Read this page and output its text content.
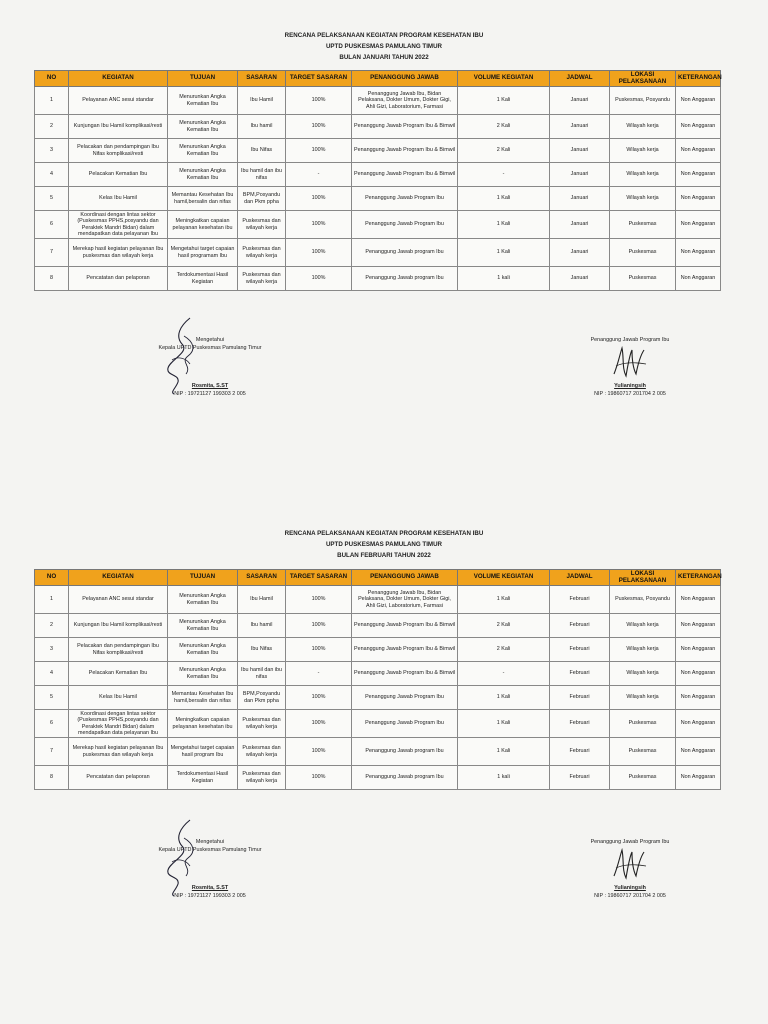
RENCANA PELAKSANAAN KEGIATAN PROGRAM KESEHATAN IBU
UPTD PUSKESMAS PAMULANG TIMUR
BULAN JANUARI TAHUN 2022
NO	KEGIATAN	TUJUAN	SASARAN	TARGET SASARAN	PENANGGUNG JAWAB	VOLUME KEGIATAN	JADWAL	LOKASI PELAKSANAAN	KETERANGAN
1	Pelayanan ANC sesui standar	Menurunkan Angka Kematian Ibu	Ibu Hamil	100%	Penanggung Jawab Ibu, Bidan Pelaksana, Dokter Umum, Dokter Gigi, Ahli Gizi, Laboratorium, Farmasi	1 Kali	Januari	Puskesmas, Posyandu	Non Anggaran
2	Kunjungan Ibu Hamil komplikasi/resti	Menurunkan Angka Kematian Ibu	Ibu hamil	100%	Penanggung Jawab Program Ibu & Bimwil	2 Kali	Januari	Wilayah kerja	Non Anggaran
3	Pelacakan dan pendampingan Ibu Nifas komplikasi/resti	Menurunkan Angka Kematian Ibu	Ibu Nifas	100%	Penanggung Jawab Program Ibu & Bimwil	2 Kali	Januari	Wilayah kerja	Non Anggaran
4	Pelacakan Kematian Ibu	Menurunkan Angka Kematian Ibu	Ibu hamil dan ibu nifas	-	Penanggung Jawab Program Ibu & Bimwil	-	Januari	Wilayah kerja	Non Anggaran
5	Kelas Ibu Hamil	Memantau Kesehatan Ibu hamil,bersalin dan nifas	BPM,Posyandu dan Pkm ppha	100%	Penanggung Jawab Program Ibu	1 Kali	Januari	Wilayah kerja	Non Anggaran
6	Koordinasi dengan lintas sektor (Puskesmas PPHS,posyandu dan Peraktek Mandri Bidan) dalam mendapatkan data pelayanan Ibu	Meningkatkan capaian pelayanan kesehatan ibu	Puskesmas dan wilayah kerja	100%	Penanggung Jawab Program Ibu	1 Kali	Januari	Puskesmas	Non Anggaran
7	Merekap hasil kegiatan pelayanan Ibu puskesmas dan wilayah kerja	Mengetahui target capaian hasil programam Ibu	Puskesmas dan wilayah kerja	100%	Penanggung Jawab program Ibu	1 Kali	Januari	Puskesmas	Non Anggaran
8	Pencatatan dan pelaporan	Terdokumentasi Hasil Kegiatan	Puskesmas dan wilayah kerja	100%	Penanggung Jawab program Ibu	1 kali	Januari	Puskesmas	Non Anggaran
Mengetahui
Kepala UPTD Puskesmas Pamulang Timur
Rosmita, S.ST
NIP : 19721127 199303 2 005
Penanggung Jawab Program Ibu
Yulianingsih
NIP : 19860717 201704 2 005
RENCANA PELAKSANAAN KEGIATAN PROGRAM KESEHATAN IBU
UPTD PUSKESMAS PAMULANG TIMUR
BULAN FEBRUARI TAHUN 2022
NO	KEGIATAN	TUJUAN	SASARAN	TARGET SASARAN	PENANGGUNG JAWAB	VOLUME KEGIATAN	JADWAL	LOKASI PELAKSANAAN	KETERANGAN
1	Pelayanan ANC sesui standar	Menurunkan Angka Kematian Ibu	Ibu Hamil	100%	Penanggung Jawab Ibu, Bidan Pelaksana, Dokter Umum, Dokter Gigi, Ahli Gizi, Laboratorium, Farmasi	1 Kali	Februari	Puskesmas, Posyandu	Non Anggaran
2	Kunjungan Ibu Hamil komplikasi/resti	Menurunkan Angka Kematian Ibu	Ibu hamil	100%	Penanggung Jawab Program Ibu & Bimwil	2 Kali	Februari	Wilayah kerja	Non Anggaran
3	Pelacakan dan pendampingan Ibu Nifas komplikasi/resti	Menurunkan Angka Kematian Ibu	Ibu Nifas	100%	Penanggung Jawab Program Ibu & Bimwil	2 Kali	Februari	Wilayah kerja	Non Anggaran
4	Pelacakan Kematian Ibu	Menurunkan Angka Kematian Ibu	Ibu hamil dan ibu nifas	-	Penanggung Jawab Program Ibu & Bimwil	-	Februari	Wilayah kerja	Non Anggaran
5	Kelas Ibu Hamil	Memantau Kesehatan Ibu hamil,bersalin dan nifas	BPM,Posyandu dan Pkm ppha	100%	Penanggung Jawab Program Ibu	1 Kali	Februari	Wilayah kerja	Non Anggaran
6	Koordinasi dengan lintas sektor (Puskesmas PPHS,posyandu dan Peraktek Mandri Bidan) dalam mendapatkan data pelayanan Ibu	Meningkatkan capaian pelayanan kesehatan ibu	Puskesmas dan wilayah kerja	100%	Penanggung Jawab Program Ibu	1 Kali	Februari	Puskesmas	Non Anggaran
7	Merekap hasil kegiatan pelayanan Ibu puskesmas dan wilayah kerja	Mengetahui target capaian hasil program Ibu	Puskesmas dan wilayah kerja	100%	Penanggung Jawab program Ibu	1 Kali	Februari	Puskesmas	Non Anggaran
8	Pencatatan dan pelaporan	Terdokumentasi Hasil Kegiatan	Puskesmas dan wilayah kerja	100%	Penanggung Jawab program Ibu	1 kali	Februari	Puskesmas	Non Anggaran
Mengetahui
Kepala UPTD Puskesmas Pamulang Timur
Rosmita, S.ST
NIP : 19721127 199303 2 005
Penanggung Jawab Program Ibu
Yulianingsih
NIP : 19860717 201704 2 005
